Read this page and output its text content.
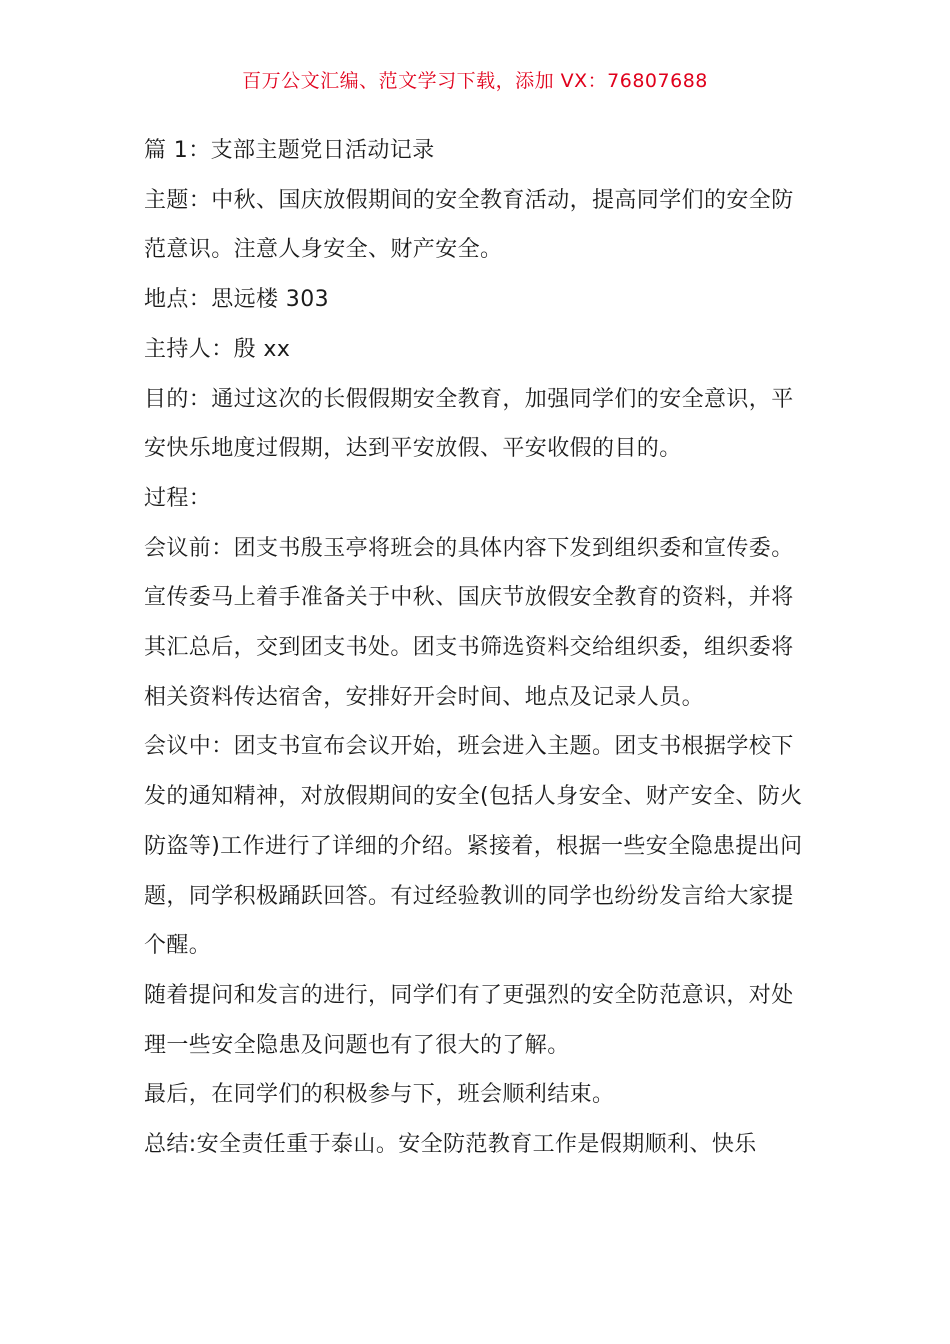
百万公文汇编、范文学习下载，添加 VX：76807688

篇 1：支部主题党日活动记录

主题：中秋、国庆放假期间的安全教育活动，提高同学们的安全防范意识。注意人身安全、财产安全。

地点：思远楼 303

主持人：殷 xx

目的：通过这次的长假假期安全教育，加强同学们的安全意识，平安快乐地度过假期，达到平安放假、平安收假的目的。

过程：

会议前：团支书殷玉亭将班会的具体内容下发到组织委和宣传委。宣传委马上着手准备关于中秋、国庆节放假安全教育的资料，并将其汇总后，交到团支书处。团支书筛选资料交给组织委，组织委将相关资料传达宿舍，安排好开会时间、地点及记录人员。

会议中：团支书宣布会议开始，班会进入主题。团支书根据学校下发的通知精神，对放假期间的安全(包括人身安全、财产安全、防火防盗等)工作进行了详细的介绍。紧接着，根据一些安全隐患提出问题，同学积极踊跃回答。有过经验教训的同学也纷纷发言给大家提个醒。

随着提问和发言的进行，同学们有了更强烈的安全防范意识，对处理一些安全隐患及问题也有了很大的了解。

最后，在同学们的积极参与下，班会顺利结束。

总结:安全责任重于泰山。安全防范教育工作是假期顺利、快乐
